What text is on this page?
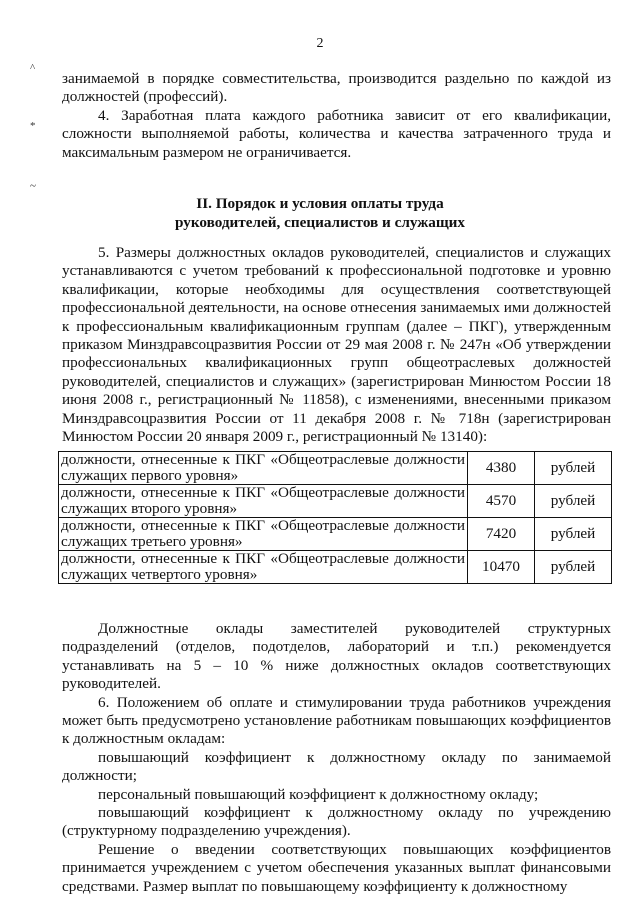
2
^
*
~

занимаемой в порядке совместительства, производится раздельно по каждой из должностей (профессий).

4. Заработная плата каждого работника зависит от его квалификации, сложности выполняемой работы, количества и качества затраченного труда и максимальным размером не ограничивается.

II. Порядок и условия оплаты труда
руководителей, специалистов и служащих

5. Размеры должностных окладов руководителей, специалистов и служащих устанавливаются с учетом требований к профессиональной подготовке и уровню квалификации, которые необходимы для осуществления соответствующей профессиональной деятельности, на основе отнесения занимаемых ими должностей к профессиональным квалификационным группам (далее – ПКГ), утвержденным приказом Минздравсоцразвития России от 29 мая 2008 г. № 247н «Об утверждении профессиональных квалификационных групп общеотраслевых должностей руководителей, специалистов и служащих» (зарегистрирован Минюстом России 18 июня 2008 г., регистрационный № 11858), с изменениями, внесенными приказом Минздравсоцразвития России от 11 декабря 2008 г. № 718н (зарегистрирован Минюстом России 20 января 2009 г., регистрационный № 13140):

должности, отнесенные к ПКГ «Общеотраслевые должности служащих первого уровня»	4380	рублей
должности, отнесенные к ПКГ «Общеотраслевые должности служащих второго уровня»	4570	рублей
должности, отнесенные к ПКГ «Общеотраслевые должности служащих третьего уровня»	7420	рублей
должности, отнесенные к ПКГ «Общеотраслевые должности служащих четвертого уровня»	10470	рублей

Должностные оклады заместителей руководителей структурных подразделений (отделов, подотделов, лабораторий и т.п.) рекомендуется устанавливать на 5 – 10 % ниже должностных окладов соответствующих руководителей.

6. Положением об оплате и стимулировании труда работников учреждения может быть предусмотрено установление работникам повышающих коэффициентов к должностным окладам:

повышающий коэффициент к должностному окладу по занимаемой должности;

персональный повышающий коэффициент к должностному окладу;

повышающий коэффициент к должностному окладу по учреждению (структурному подразделению учреждения).

Решение о введении соответствующих повышающих коэффициентов принимается учреждением с учетом обеспечения указанных выплат финансовыми средствами. Размер выплат по повышающему коэффициенту к должностному
